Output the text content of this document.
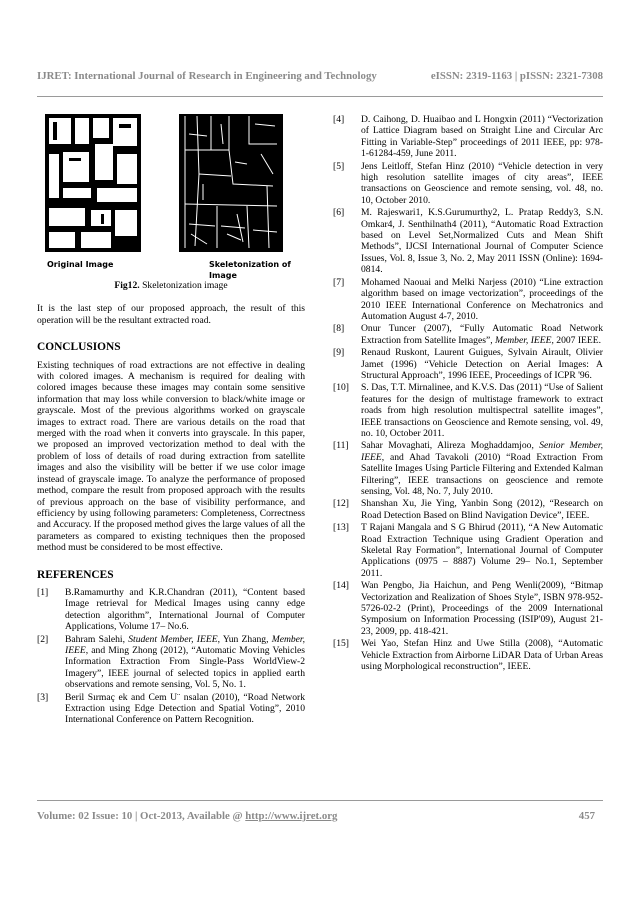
IJRET: International Journal of Research in Engineering and Technology	eISSN: 2319-1163 | pISSN: 2321-7308
Original Image	Skeletonization of Image
Fig12. Skeletonization image

It is the last step of our proposed approach, the result of this operation will be the resultant extracted road.

CONCLUSIONS

Existing techniques of road extractions are not effective in dealing with colored images. A mechanism is required for dealing with colored images because these images may contain some sensitive information that may loss while conversion to black/white image or grayscale. Most of the previous algorithms worked on grayscale images to extract road. There are various details on the road that merged with the road when it converts into grayscale. In this paper, we proposed an improved vectorization method to deal with the problem of loss of details of road during extraction from satellite images and also the visibility will be better if we use color image instead of grayscale image. To analyze the performance of proposed method, compare the result from proposed approach with the results of previous approach on the base of visibility performance, and efficiency by using following parameters: Completeness, Correctness and Accuracy. If the proposed method gives the large values of all the parameters as compared to existing techniques then the proposed method must be considered to be most effective.

REFERENCES
[1]	B.Ramamurthy and K.R.Chandran (2011), “Content based Image retrieval for Medical Images using canny edge detection algorithm”, International Journal of Computer Applications, Volume 17– No.6.
[2]	Bahram Salehi, Student Member, IEEE, Yun Zhang, Member, IEEE, and Ming Zhong (2012), “Automatic Moving Vehicles Information Extraction From Single-Pass WorldView-2 Imagery”, IEEE journal of selected topics in applied earth observations and remote sensing, Vol. 5, No. 1.
[3]	Beril Sırmaç ek and Cem U¨ nsalan (2010), “Road Network Extraction using Edge Detection and Spatial Voting”, 2010 International Conference on Pattern Recognition.
[4]	D. Caihong, D. Huaibao and L Hongxin (2011) “Vectorization of Lattice Diagram based on Straight Line and Circular Arc Fitting in Variable-Step” proceedings of 2011 IEEE, pp: 978-1-61284-459, June 2011.
[5]	Jens Leitloff, Stefan Hinz (2010) “Vehicle detection in very high resolution satellite images of city areas”, IEEE transactions on Geoscience and remote sensing, vol. 48, no. 10, October 2010.
[6]	M. Rajeswari1, K.S.Gurumurthy2, L. Pratap Reddy3, S.N. Omkar4, J. Senthilnath4 (2011), “Automatic Road Extraction based on Level Set,Normalized Cuts and Mean Shift Methods”, IJCSI International Journal of Computer Science Issues, Vol. 8, Issue 3, No. 2, May 2011 ISSN (Online): 1694-0814.
[7]	Mohamed Naouai and Melki Narjess (2010) “Line extraction algorithm based on image vectorization”, proceedings of the 2010 IEEE International Conference on Mechatronics and Automation August 4-7, 2010.
[8]	Onur Tuncer (2007), “Fully Automatic Road Network Extraction from Satellite Images”, Member, IEEE, 2007 IEEE.
[9]	Renaud Ruskont, Laurent Guigues, Sylvain Airault, Olivier Jamet (1996) “Vehicle Detection on Aerial Images: A Structural Approach”, 1996 IEEE, Proceedings of ICPR '96.
[10]	S. Das, T.T. Mirnalinee, and K.V.S. Das (2011) “Use of Salient features for the design of multistage framework to extract roads from high resolution multispectral satellite images”, IEEE transactions on Geoscience and Remote sensing, vol. 49, no. 10, October 2011.
[11]	Sahar Movaghati, Alireza Moghaddamjoo, Senior Member, IEEE, and Ahad Tavakoli (2010) “Road Extraction From Satellite Images Using Particle Filtering and Extended Kalman Filtering”, IEEE transactions on geoscience and remote sensing, Vol. 48, No. 7, July 2010.
[12]	Shanshan Xu, Jie Ying, Yanbin Song (2012), “Research on Road Detection Based on Blind Navigation Device”, IEEE.
[13]	T Rajani Mangala and S G Bhirud (2011), “A New Automatic Road Extraction Technique using Gradient Operation and Skeletal Ray Formation”, International Journal of Computer Applications (0975 – 8887) Volume 29– No.1, September 2011.
[14]	Wan Pengbo, Jia Haichun, and Peng Wenli(2009), “Bitmap Vectorization and Realization of Shoes Style”, ISBN 978-952-5726-02-2 (Print), Proceedings of the 2009 International Symposium on Information Processing (ISIP'09), August 21-23, 2009, pp. 418-421.
[15]	Wei Yao, Stefan Hinz and Uwe Stilla (2008), “Automatic Vehicle Extraction from Airborne LiDAR Data of Urban Areas using Morphological reconstruction”, IEEE.
Volume: 02 Issue: 10 | Oct-2013, Available @ http://www.ijret.org	457
